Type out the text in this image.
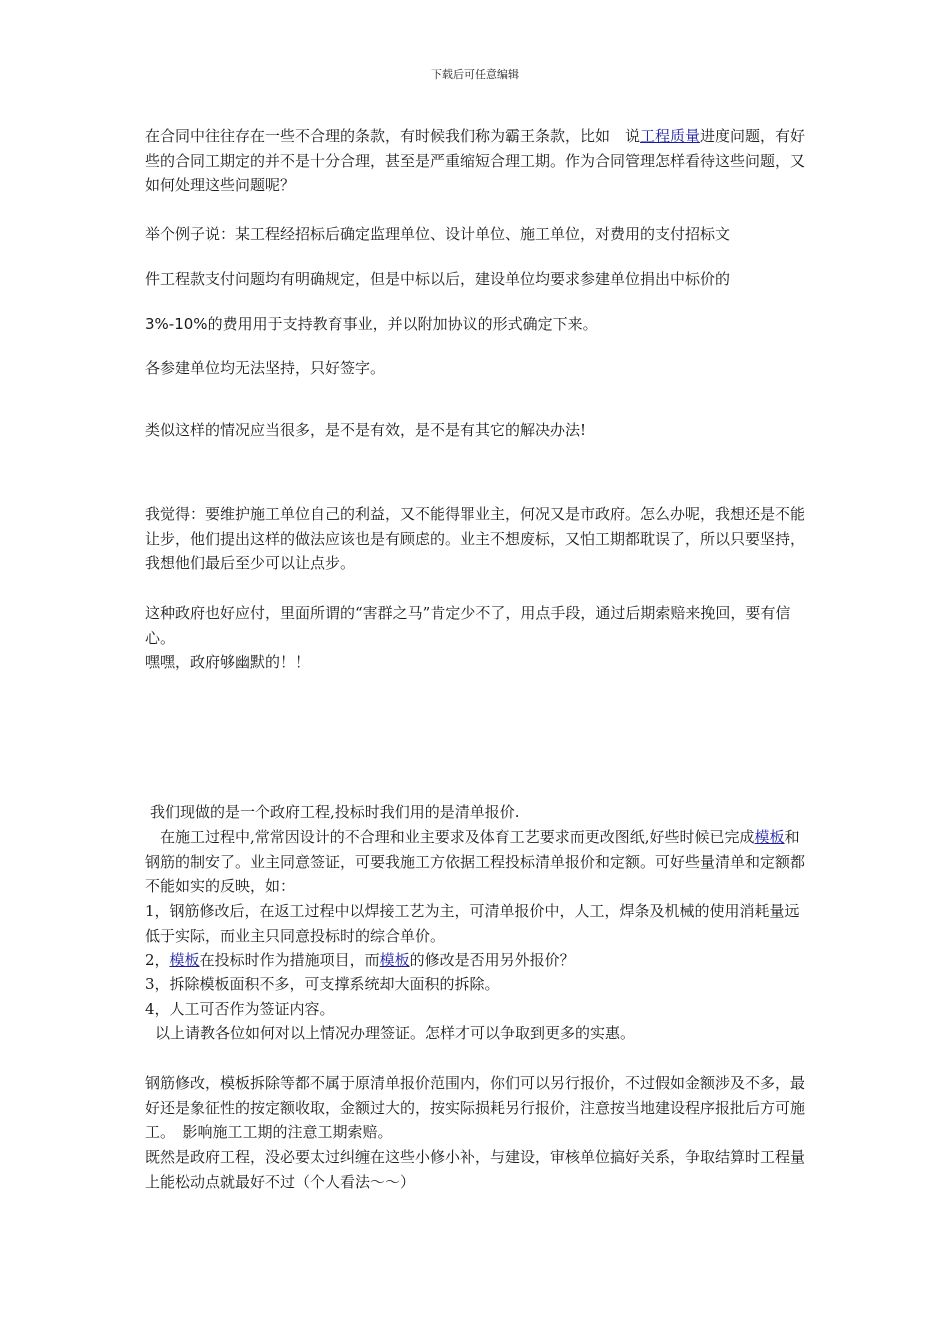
下载后可任意编辑

在合同中往往存在一些不合理的条款，有时候我们称为霸王条款，比如　说工程质量进度问题，有好些的合同工期定的并不是十分合理，甚至是严重缩短合理工期。作为合同管理怎样看待这些问题，又如何处理这些问题呢？

举个例子说：某工程经招标后确定监理单位、设计单位、施工单位，对费用的支付招标文

件工程款支付问题均有明确规定，但是中标以后，建设单位均要求参建单位捐出中标价的

3%-10%的费用用于支持教育事业，并以附加协议的形式确定下来。

各参建单位均无法坚持，只好签字。

类似这样的情况应当很多，是不是有效，是不是有其它的解决办法!

我觉得：要维护施工单位自己的利益，又不能得罪业主，何况又是市政府。怎么办呢，我想还是不能让步，他们提出这样的做法应该也是有顾虑的。业主不想废标，又怕工期都耽误了，所以只要坚持，我想他们最后至少可以让点步。

这种政府也好应付，里面所谓的“害群之马”肯定少不了，用点手段，通过后期索赔来挽回，要有信心。

嘿嘿，政府够幽默的！！

我们现做的是一个政府工程,投标时我们用的是清单报价.

在施工过程中,常常因设计的不合理和业主要求及体育工艺要求而更改图纸,好些时候已完成模板和钢筋的制安了。业主同意签证，可要我施工方依据工程投标清单报价和定额。可好些量清单和定额都不能如实的反映，如：

1，钢筋修改后，在返工过程中以焊接工艺为主，可清单报价中，人工，焊条及机械的使用消耗量远低于实际，而业主只同意投标时的综合单价。

2，模板在投标时作为措施项目，而模板的修改是否用另外报价？

3，拆除模板面积不多，可支撑系统却大面积的拆除。

4，人工可否作为签证内容。

以上请教各位如何对以上情况办理签证。怎样才可以争取到更多的实惠。

钢筋修改，模板拆除等都不属于原清单报价范围内，你们可以另行报价，不过假如金额涉及不多，最好还是象征性的按定额收取，金额过大的，按实际损耗另行报价，注意按当地建设程序报批后方可施工。　影响施工工期的注意工期索赔。

既然是政府工程，没必要太过纠缠在这些小修小补，与建设，审核单位搞好关系，争取结算时工程量上能松动点就最好不过（个人看法～～）
